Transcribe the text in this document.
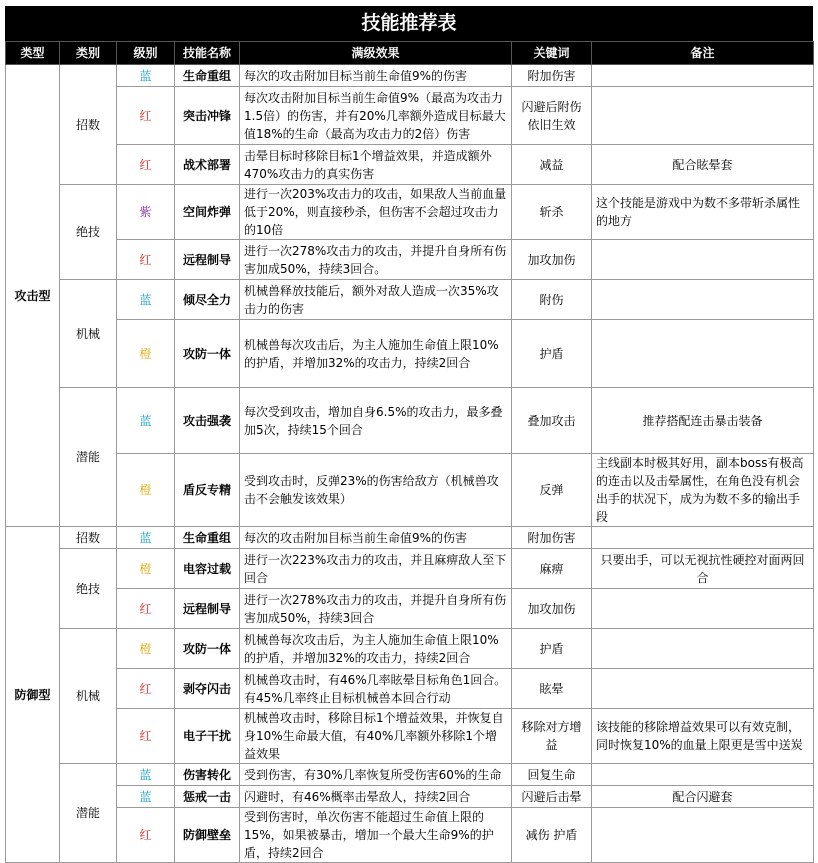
技能推荐表
类型	类别	级别	技能名称	满级效果	关键词	备注
攻击型	招数	蓝	生命重组	每次的攻击附加目标当前生命值9%的伤害	附加伤害	
		红	突击冲锋	每次攻击附加目标当前生命值9%（最高为攻击力1.5倍）的伤害，并有20%几率额外造成目标最大值18%的生命（最高为攻击力的2倍）伤害	闪避后附伤依旧生效	
		红	战术部署	击晕目标时移除目标1个增益效果，并造成额外470%攻击力的真实伤害	减益	配合眩晕套
	绝技	紫	空间炸弹	进行一次203%攻击力的攻击，如果敌人当前血量低于20%，则直接秒杀，但伤害不会超过攻击力的10倍	斩杀	这个技能是游戏中为数不多带斩杀属性的地方
		红	远程制导	进行一次278%攻击力的攻击，并提升自身所有伤害加成50%，持续3回合。	加攻加伤	
	机械	蓝	倾尽全力	机械兽释放技能后，额外对敌人造成一次35%攻击力的伤害	附伤	
		橙	攻防一体	机械兽每次攻击后，为主人施加生命值上限10%的护盾，并增加32%的攻击力，持续2回合	护盾	
	潜能	蓝	攻击强袭	每次受到攻击，增加自身6.5%的攻击力，最多叠加5次，持续15个回合	叠加攻击	推荐搭配连击暴击装备
		橙	盾反专精	受到攻击时，反弹23%的伤害给敌方（机械兽攻击不会触发该效果）	反弹	主线副本时极其好用，副本boss有极高的连击以及击晕属性，在角色没有机会出手的状况下，成为为数不多的输出手段
防御型	招数	蓝	生命重组	每次的攻击附加目标当前生命值9%的伤害	附加伤害	
	绝技	橙	电容过载	进行一次223%攻击力的攻击，并且麻痹敌人至下回合	麻痹	只要出手，可以无视抗性硬控对面两回合
		红	远程制导	进行一次278%攻击力的攻击，并提升自身所有伤害加成50%，持续3回合	加攻加伤	
	机械	橙	攻防一体	机械兽每次攻击后，为主人施加生命值上限10%的护盾，并增加32%的攻击力，持续2回合	护盾	
		红	剥夺闪击	机械兽攻击时，有46%几率眩晕目标角色1回合。有45%几率终止目标机械兽本回合行动	眩晕	
		红	电子干扰	机械兽攻击时，移除目标1个增益效果，并恢复自身10%生命最大值，有40%几率额外移除1个增益效果	移除对方增益	该技能的移除增益效果可以有效克制，同时恢复10%的血量上限更是雪中送炭
	潜能	蓝	伤害转化	受到伤害，有30%几率恢复所受伤害60%的生命	回复生命	
		蓝	惩戒一击	闪避时，有46%概率击晕敌人，持续2回合	闪避后击晕	配合闪避套
		红	防御壁垒	受到伤害时，单次伤害不能超过生命值上限的15%，如果被暴击，增加一个最大生命9%的护盾，持续2回合	减伤 护盾	
